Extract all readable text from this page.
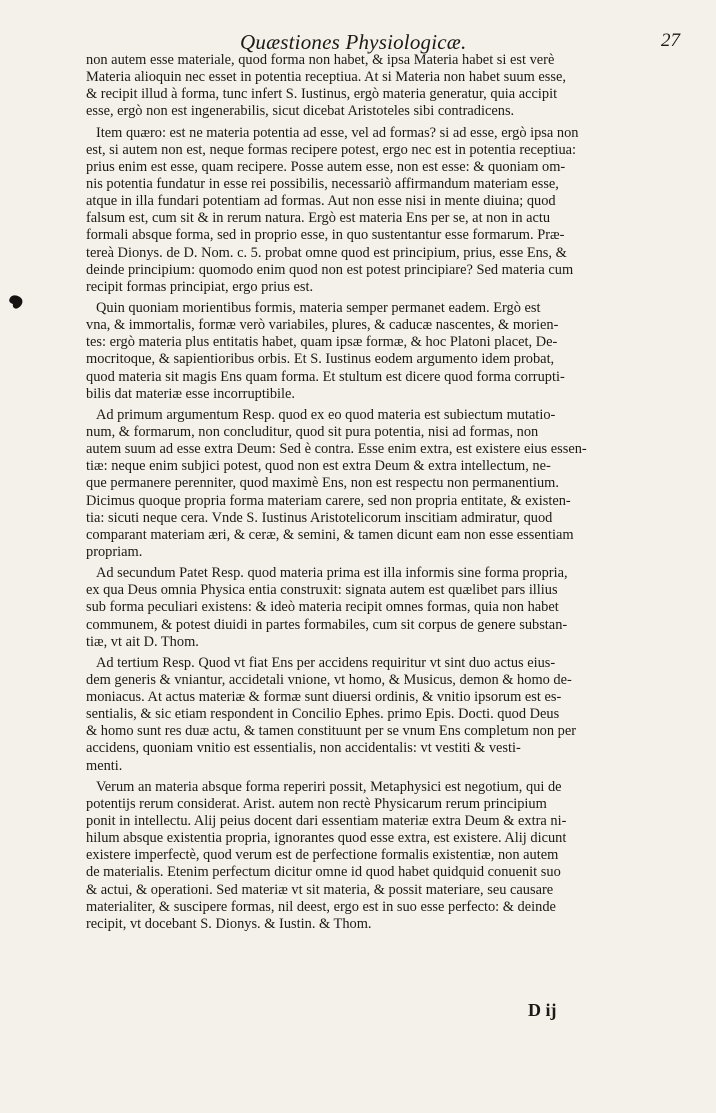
Quæstiones Physiologicæ.	27
non autem esse materiale, quod forma non habet, & ipsa Materia habet si est verè
Materia alioquin nec esset in potentia receptiua. At si Materia non habet suum esse,
& recipit illud à forma, tunc infert S. Iustinus, ergò materia generatur, quia accipit
esse, ergò non est ingenerabilis, sicut dicebat Aristoteles sibi contradicens.
Item quæro: est ne materia potentia ad esse, vel ad formas? si ad esse, ergò ipsa non
est, si autem non est, neque formas recipere potest, ergo nec est in potentia receptiua:
prius enim est esse, quam recipere. Posse autem esse, non est esse: & quoniam om-
nis potentia fundatur in esse rei possibilis, necessariò affirmandum materiam esse,
atque in illa fundari potentiam ad formas. Aut non esse nisi in mente diuina; quod
falsum est, cum sit & in rerum natura. Ergò est materia Ens per se, at non in actu
formali absque forma, sed in proprio esse, in quo sustentantur esse formarum. Præ-
tereà Dionys. de D. Nom. c. 5. probat omne quod est principium, prius, esse Ens, &
deinde principium: quomodo enim quod non est potest principiare? Sed materia cum
recipit formas principiat, ergo prius est.
Quin quoniam morientibus formis, materia semper permanet eadem. Ergò est
vna, & immortalis, formæ verò variabiles, plures, & caducæ nascentes, & morien-
tes: ergò materia plus entitatis habet, quam ipsæ formæ, & hoc Platoni placet, De-
mocritoque, & sapientioribus orbis. Et S. Iustinus eodem argumento idem probat,
quod materia sit magis Ens quam forma. Et stultum est dicere quod forma corrupti-
bilis dat materiæ esse incorruptibile.
Ad primum argumentum Resp. quod ex eo quod materia est subiectum mutatio-
num, & formarum, non concluditur, quod sit pura potentia, nisi ad formas, non
autem suum ad esse extra Deum: Sed è contra. Esse enim extra, est existere eius essen-
tiæ: neque enim subjici potest, quod non est extra Deum & extra intellectum, ne-
que permanere perenniter, quod maximè Ens, non est respectu non permanentium.
Dicimus quoque propria forma materiam carere, sed non propria entitate, & existen-
tia: sicuti neque cera. Vnde S. Iustinus Aristotelicorum inscitiam admiratur, quod
comparant materiam æri, & ceræ, & semini, & tamen dicunt eam non esse essentiam
propriam.
Ad secundum Patet Resp. quod materia prima est illa informis sine forma propria,
ex qua Deus omnia Physica entia construxit: signata autem est quælibet pars illius
sub forma peculiari existens: & ideò materia recipit omnes formas, quia non habet
communem, & potest diuidi in partes formabiles, cum sit corpus de genere substan-
tiæ, vt ait D. Thom.
Ad tertium Resp. Quod vt fiat Ens per accidens requiritur vt sint duo actus eius-
dem generis & vniantur, accidetali vnione, vt homo, & Musicus, demon & homo de-
moniacus. At actus materiæ & formæ sunt diuersi ordinis, & vnitio ipsorum est es-
sentialis, & sic etiam respondent in Concilio Ephes. primo Epis. Docti. quod Deus
& homo sunt res duæ actu, & tamen constituunt per se vnum Ens completum non per
accidens, quoniam vnitio est essentialis, non accidentalis: vt vestiti & vesti-
menti.
Verum an materia absque forma reperiri possit, Metaphysici est negotium, qui de
potentijs rerum considerat. Arist. autem non rectè Physicarum rerum principium
ponit in intellectu. Alij peius docent dari essentiam materiæ extra Deum & extra ni-
hilum absque existentia propria, ignorantes quod esse extra, est existere. Alij dicunt
existere imperfectè, quod verum est de perfectione formalis existentiæ, non autem
de materialis. Etenim perfectum dicitur omne id quod habet quidquid conuenit suo
& actui, & operationi. Sed materiæ vt sit materia, & possit materiare, seu causare
materialiter, & suscipere formas, nil deest, ergo est in suo esse perfecto: & deinde
recipit, vt docebant S. Dionys. & Iustin. & Thom.
D ij
